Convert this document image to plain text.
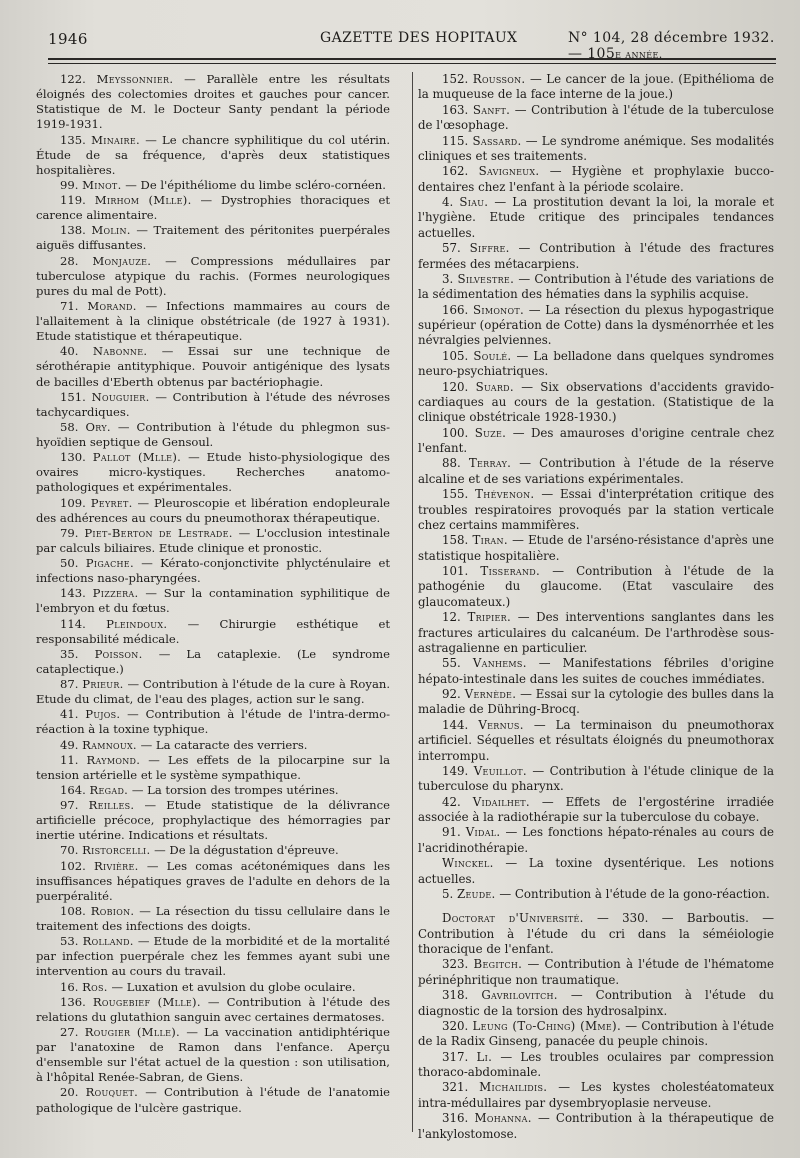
1946	GAZETTE DES HOPITAUX	N° 104, 28 décembre 1932. — 105e année.

122. Meyssonnier. — Parallèle entre les résultats éloignés des colectomies droites et gauches pour cancer. Statistique de M. le Docteur Santy pendant la période 1919-1931.

135. Minaire. — Le chancre syphilitique du col utérin. Étude de sa fréquence, d'après deux statistiques hospitalières.

99. Minot. — De l'épithéliome du limbe scléro-cornéen.

119. Mirhom (Mlle). — Dystrophies thoraciques et carence alimentaire.

138. Molin. — Traitement des péritonites puerpérales aiguës diffusantes.

28. Monjauze. — Compressions médullaires par tuberculose atypique du rachis. (Formes neurologiques pures du mal de Pott).

71. Morand. — Infections mammaires au cours de l'allaitement à la clinique obstétricale (de 1927 à 1931). Etude statistique et thérapeutique.

40. Nabonne. — Essai sur une technique de sérothérapie antityphique. Pouvoir antigénique des lysats de bacilles d'Eberth obtenus par bactériophagie.

151. Nouguier. — Contribution à l'étude des névroses tachycardiques.

58. Ory. — Contribution à l'étude du phlegmon sus-hyoïdien septique de Gensoul.

130. Pallot (Mlle). — Etude histo-physiologique des ovaires micro-kystiques. Recherches anatomo-pathologiques et expérimentales.

109. Peyret. — Pleuroscopie et libération endopleurale des adhérences au cours du pneumothorax thérapeutique.

79. Piet-Berton de Lestrade. — L'occlusion intestinale par calculs biliaires. Etude clinique et pronostic.

50. Pigache. — Kérato-conjonctivite phlycténulaire et infections naso-pharyngées.

143. Pizzera. — Sur la contamination syphilitique de l'embryon et du fœtus.

114. Pleindoux. — Chirurgie esthétique et responsabilité médicale.

35. Poisson. — La cataplexie. (Le syndrome cataplectique.)

87. Prieur. — Contribution à l'étude de la cure à Royan. Etude du climat, de l'eau des plages, action sur le sang.

41. Pujos. — Contribution à l'étude de l'intra-dermo-réaction à la toxine typhique.

49. Ramnoux. — La cataracte des verriers.

11. Raymond. — Les effets de la pilocarpine sur la tension artérielle et le système sympathique.

164. Regad. — La torsion des trompes utérines.

97. Reilles. — Etude statistique de la délivrance artificielle précoce, prophylactique des hémorragies par inertie utérine. Indications et résultats.

70. Ristorcelli. — De la dégustation d'épreuve.

102. Rivière. — Les comas acétonémiques dans les insuffisances hépatiques graves de l'adulte en dehors de la puerpéralité.

108. Robion. — La résection du tissu cellulaire dans le traitement des infections des doigts.

53. Rolland. — Etude de la morbidité et de la mortalité par infection puerpérale chez les femmes ayant subi une intervention au cours du travail.

16. Ros. — Luxation et avulsion du globe oculaire.

136. Rougebief (Mlle). — Contribution à l'étude des relations du glutathion sanguin avec certaines dermatoses.

27. Rougier (Mlle). — La vaccination antidiphtérique par l'anatoxine de Ramon dans l'enfance. Aperçu d'ensemble sur l'état actuel de la question : son utilisation, à l'hôpital Renée-Sabran, de Giens.

20. Rouquet. — Contribution à l'étude de l'anatomie pathologique de l'ulcère gastrique.

152. Rousson. — Le cancer de la joue. (Epithélioma de la muqueuse de la face interne de la joue.)

163. Sanft. — Contribution à l'étude de la tuberculose de l'œsophage.

115. Sassard. — Le syndrome anémique. Ses modalités cliniques et ses traitements.

162. Savigneux. — Hygiène et prophylaxie bucco-dentaires chez l'enfant à la période scolaire.

4. Siau. — La prostitution devant la loi, la morale et l'hygiène. Etude critique des principales tendances actuelles.

57. Siffre. — Contribution à l'étude des fractures fermées des métacarpiens.

3. Silvestre. — Contribution à l'étude des variations de la sédimentation des hématies dans la syphilis acquise.

166. Simonot. — La résection du plexus hypogastrique supérieur (opération de Cotte) dans la dysménorrhée et les névralgies pelviennes.

105. Soulé. — La belladone dans quelques syndromes neuro-psychiatriques.

120. Suard. — Six observations d'accidents gravido-cardiaques au cours de la gestation. (Statistique de la clinique obstétricale 1928-1930.)

100. Suze. — Des amauroses d'origine centrale chez l'enfant.

88. Terray. — Contribution à l'étude de la réserve alcaline et de ses variations expérimentales.

155. Thévenon. — Essai d'interprétation critique des troubles respiratoires provoqués par la station verticale chez certains mammifères.

158. Tiran. — Etude de l'arséno-résistance d'après une statistique hospitalière.

101. Tisserand. — Contribution à l'étude de la pathogénie du glaucome. (Etat vasculaire des glaucomateux.)

12. Tripier. — Des interventions sanglantes dans les fractures articulaires du calcanéum. De l'arthrodèse sous-astragalienne en particulier.

55. Vanhems. — Manifestations fébriles d'origine hépato-intestinale dans les suites de couches immédiates.

92. Vernède. — Essai sur la cytologie des bulles dans la maladie de Dühring-Brocq.

144. Vernus. — La terminaison du pneumothorax artificiel. Séquelles et résultats éloignés du pneumothorax interrompu.

149. Veuillot. — Contribution à l'étude clinique de la tuberculose du pharynx.

42. Vidailhet. — Effets de l'ergostérine irradiée associée à la radiothérapie sur la tuberculose du cobaye.

91. Vidal. — Les fonctions hépato-rénales au cours de l'acridinothérapie.

Winckel. — La toxine dysentérique. Les notions actuelles.

5. Zeude. — Contribution à l'étude de la gono-réaction.

Doctorat d'Université. — 330. — Barboutis. — Contribution à l'étude du cri dans la séméiologie thoracique de l'enfant.

323. Begitch. — Contribution à l'étude de l'hématome périnéphritique non traumatique.

318. Gavrilovitch. — Contribution à l'étude du diagnostic de la torsion des hydrosalpinx.

320. Leung (To-Ching) (Mme). — Contribution à l'étude de la Radix Ginseng, panacée du peuple chinois.

317. Li. — Les troubles oculaires par compression thoraco-abdominale.

321. Michailidis. — Les kystes cholestéatomateux intra-médullaires par dysembryoplasie nerveuse.

316. Mohanna. — Contribution à la thérapeutique de l'ankylostomose.
